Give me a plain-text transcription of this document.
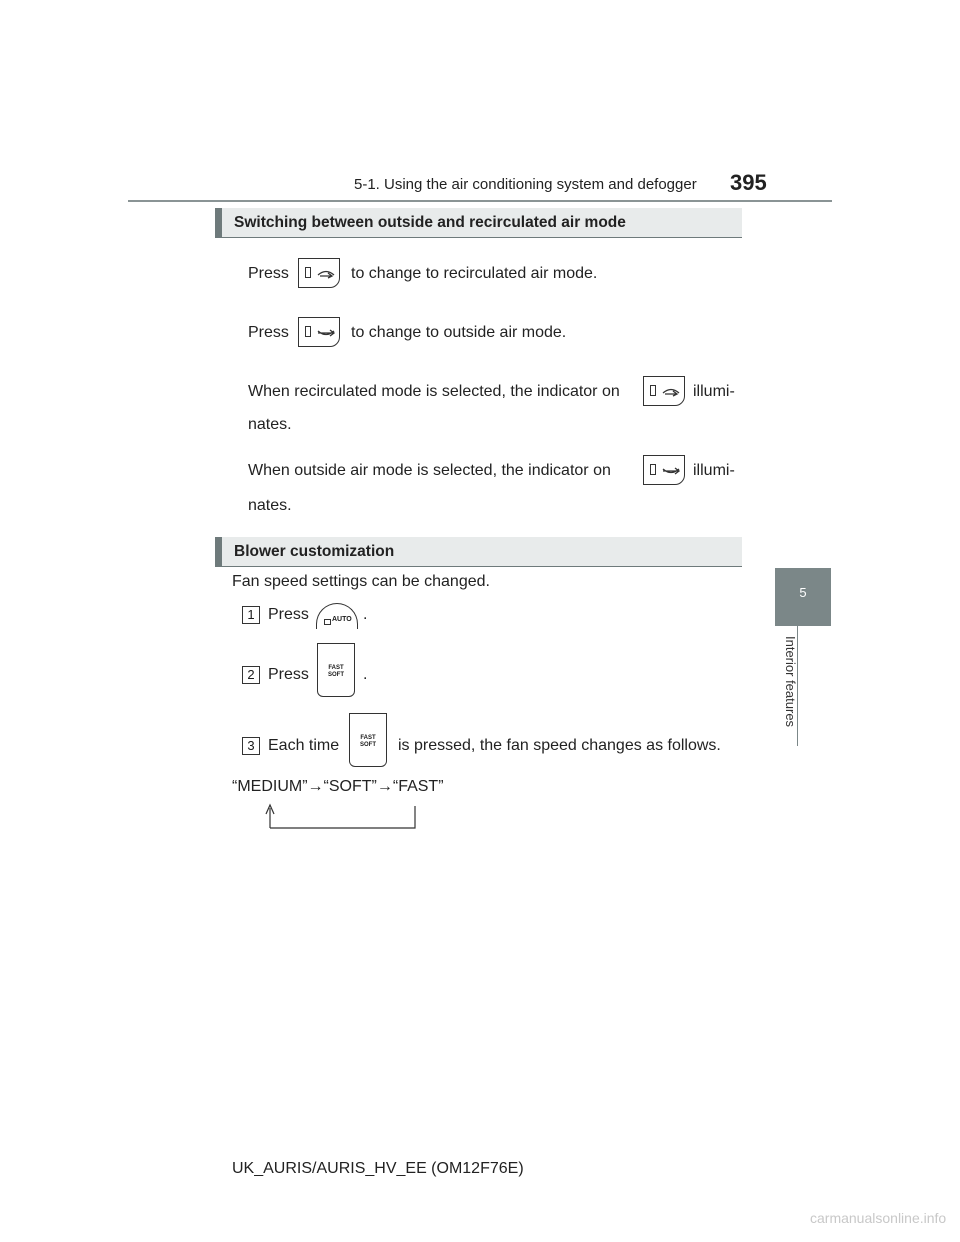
5-1. Using the air conditioning system and defogger 395
5
Interior features
Switching between outside and recirculated air mode
Press	to change to recirculated air mode.
Press	to change to outside air mode.
When recirculated mode is selected, the indicator on	illumi-
nates.
When outside air mode is selected, the indicator on	illumi-
nates.
Blower customization
Fan speed settings can be changed.
1 Press	AUTO .
2 Press	FAST
SOFT	.
3 Each time	FAST
SOFT	is pressed, the fan speed changes as follows.
“MEDIUM”→“SOFT”→“FAST”
UK_AURIS/AURIS_HV_EE (OM12F76E)
carmanualsonline.info
